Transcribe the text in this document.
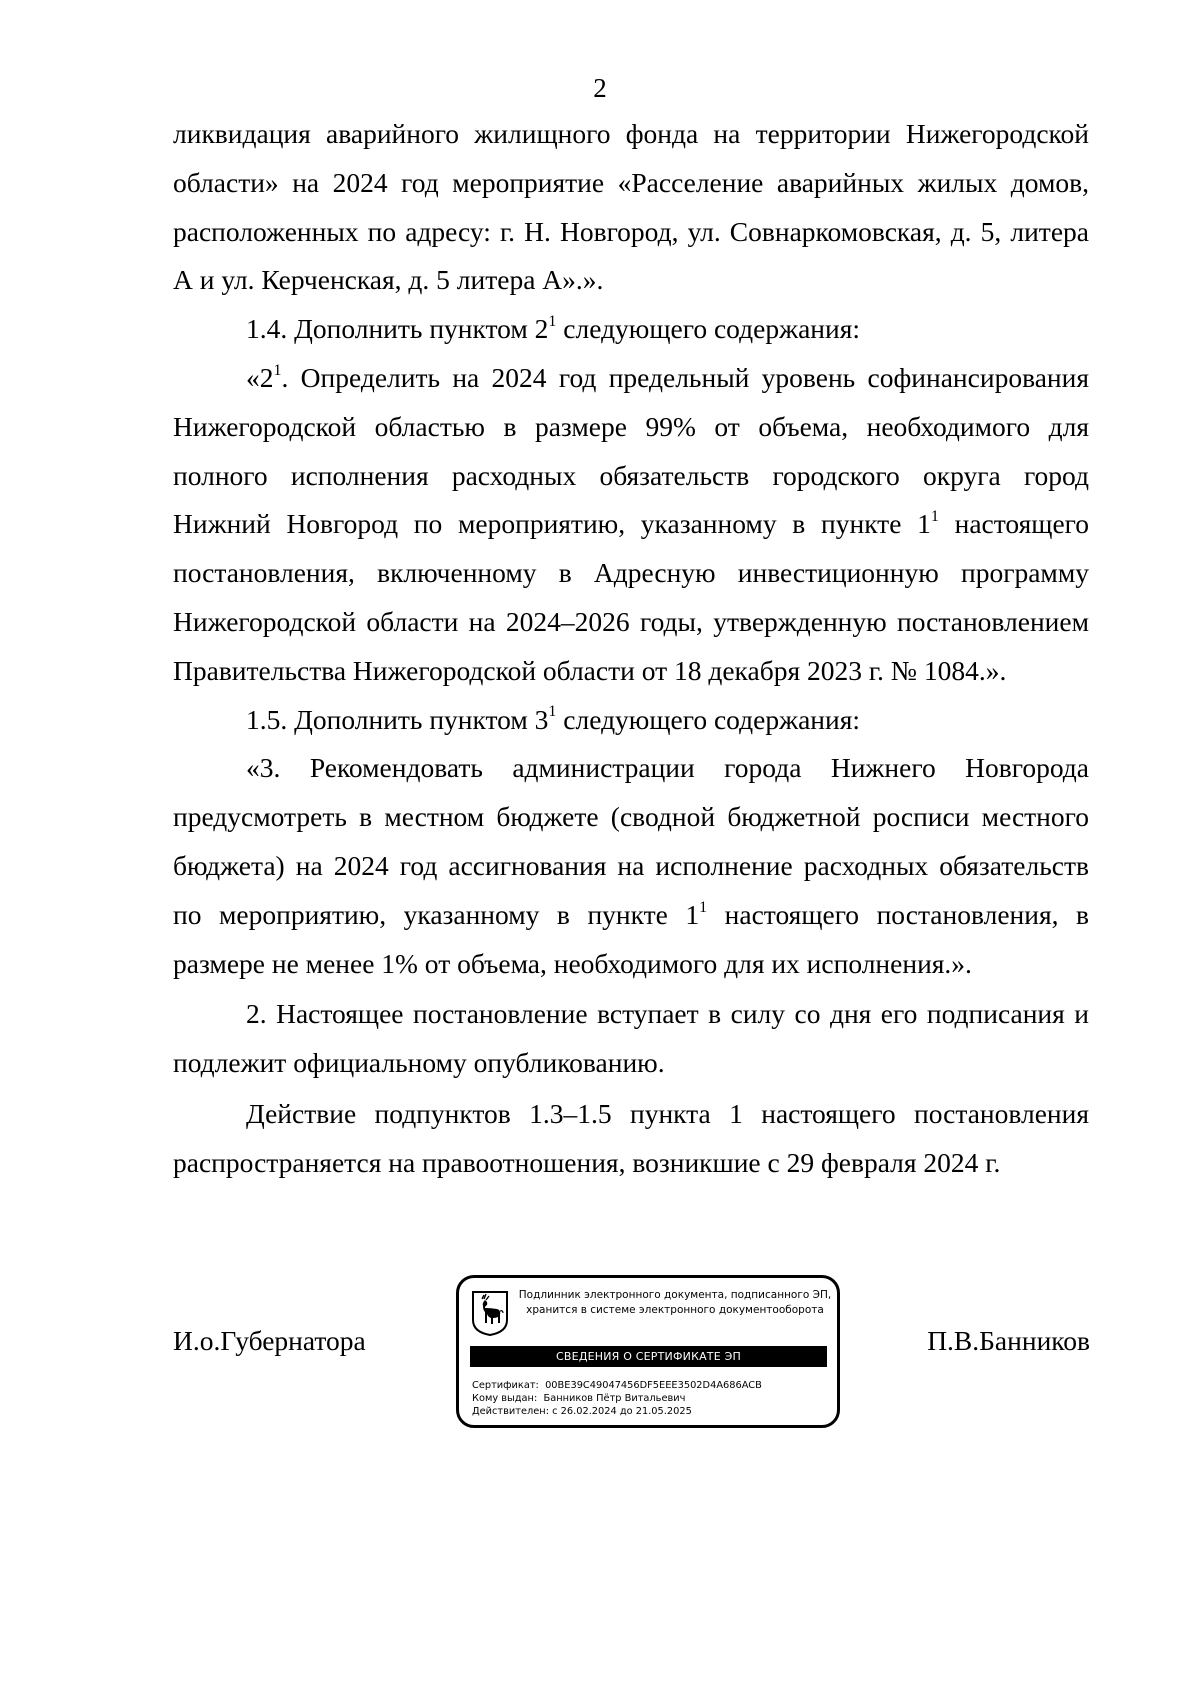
2

ликвидация аварийного жилищного фонда на территории Нижегородской области» на 2024 год мероприятие «Расселение аварийных жилых домов, расположенных по адресу: г. Н. Новгород, ул. Совнаркомовская, д. 5, литера А и ул. Керченская, д. 5 литера А».».

1.4. Дополнить пунктом $2^1$ следующего содержания:

«$2^1$. Определить на 2024 год предельный уровень софинансирования Нижегородской областью в размере 99% от объема, необходимого для полного исполнения расходных обязательств городского округа город Нижний Новгород по мероприятию, указанному в пункте $1^1$ настоящего постановления, включенному в Адресную инвестиционную программу Нижегородской области на 2024–2026 годы, утвержденную постановлением Правительства Нижегородской области от 18 декабря 2023 г. № 1084.».

1.5. Дополнить пунктом $3^1$ следующего содержания:

«3. Рекомендовать администрации города Нижнего Новгорода предусмотреть в местном бюджете (сводной бюджетной росписи местного бюджета) на 2024 год ассигнования на исполнение расходных обязательств по мероприятию, указанному в пункте $1^1$ настоящего постановления, в размере не менее 1% от объема, необходимого для их исполнения.».

2. Настоящее постановление вступает в силу со дня его подписания и подлежит официальному опубликованию.

Действие подпунктов 1.3–1.5 пункта 1 настоящего постановления распространяется на правоотношения, возникшие с 29 февраля 2024 г.

И.о.Губернатора
Подлинник электронного документа, подписанного ЭП,
хранится в системе электронного документооборота
СВЕДЕНИЯ О СЕРТИФИКАТЕ ЭП
Сертификат: 00BE39C49047456DF5EEE3502D4A686ACB
Кому выдан: Банников Пётр Витальевич
Действителен: с 26.02.2024 до 21.05.2025
П.В.Банников
